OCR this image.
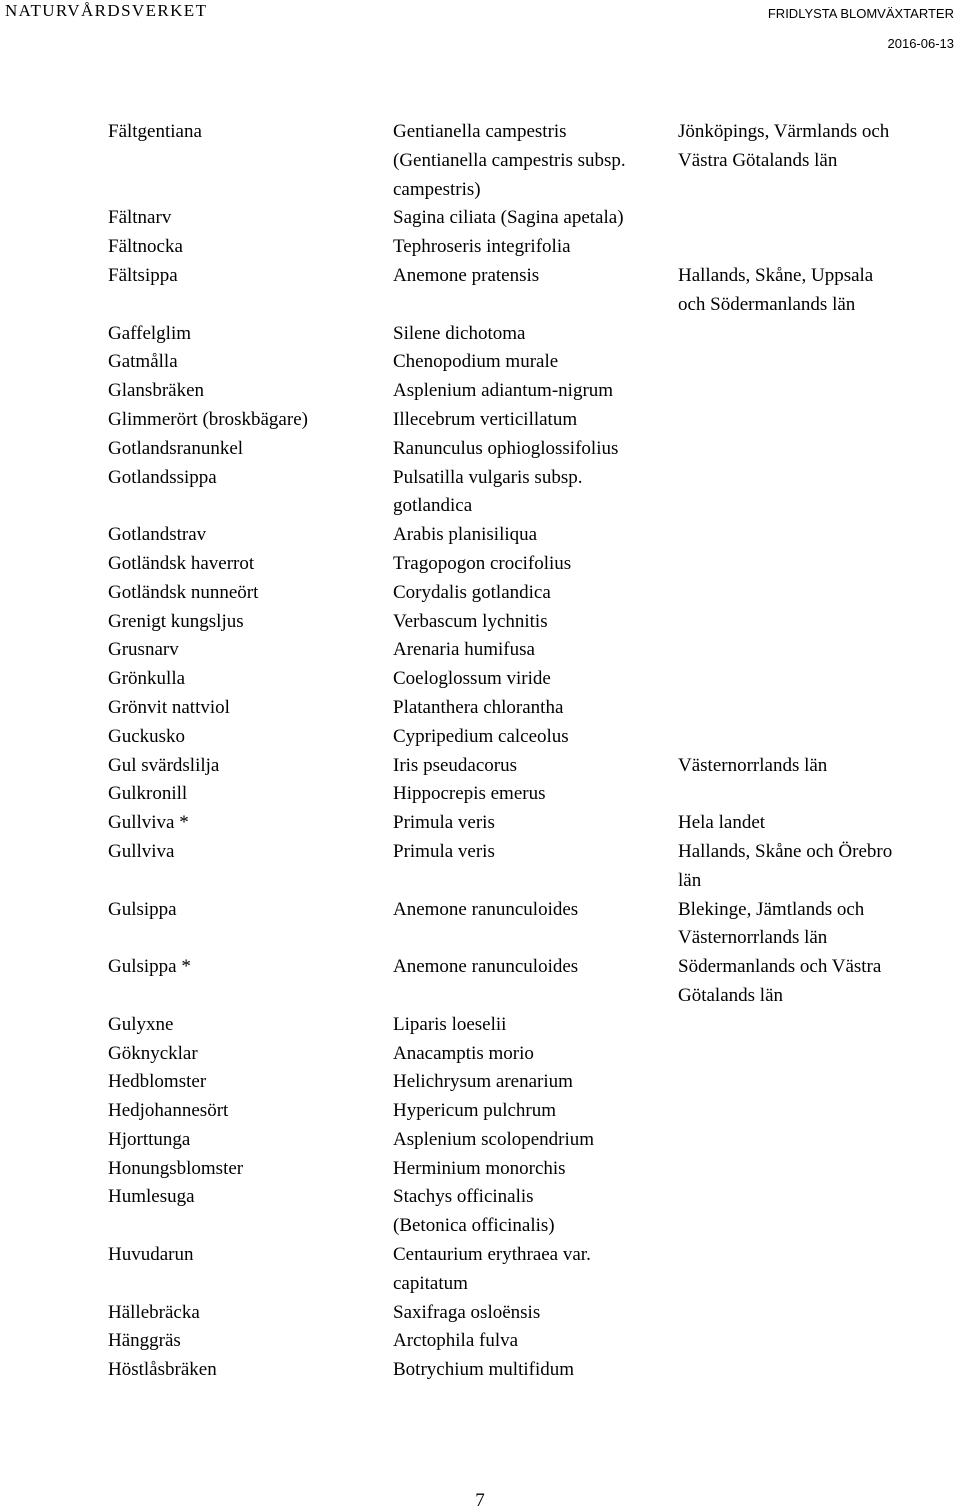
NATURVÅRDSVERKET	FRIDLYSTA BLOMVÄXTARTER
2016-06-13
Fältgentiana	Gentianella campestris	Jönköpings, Värmlands och
(Gentianella campestris subsp.	Västra Götalands län
campestris)
Fältnarv	Sagina ciliata (Sagina apetala)
Fältnocka	Tephroseris integrifolia
Fältsippa	Anemone pratensis	Hallands, Skåne, Uppsala
och Södermanlands län
Gaffelglim	Silene dichotoma
Gatmålla	Chenopodium murale
Glansbräken	Asplenium adiantum-nigrum
Glimmerört (broskbägare)	Illecebrum verticillatum
Gotlandsranunkel	Ranunculus ophioglossifolius
Gotlandssippa	Pulsatilla vulgaris subsp.
gotlandica
Gotlandstrav	Arabis planisiliqua
Gotländsk haverrot	Tragopogon crocifolius
Gotländsk nunneört	Corydalis gotlandica
Grenigt kungsljus	Verbascum lychnitis
Grusnarv	Arenaria humifusa
Grönkulla	Coeloglossum viride
Grönvit nattviol	Platanthera chlorantha
Guckusko	Cypripedium calceolus
Gul svärdslilja	Iris pseudacorus	Västernorrlands län
Gulkronill	Hippocrepis emerus
Gullviva *	Primula veris	Hela landet
Gullviva	Primula veris	Hallands, Skåne och Örebro
län
Gulsippa	Anemone ranunculoides	Blekinge, Jämtlands och
Västernorrlands län
Gulsippa *	Anemone ranunculoides	Södermanlands och Västra
Götalands län
Gulyxne	Liparis loeselii
Göknycklar	Anacamptis morio
Hedblomster	Helichrysum arenarium
Hedjohannesört	Hypericum pulchrum
Hjorttunga	Asplenium scolopendrium
Honungsblomster	Herminium monorchis
Humlesuga	Stachys officinalis
(Betonica officinalis)
Huvudarun	Centaurium erythraea var.
capitatum
Hällebräcka	Saxifraga osloënsis
Hänggräs	Arctophila fulva
Höstlåsbräken	Botrychium multifidum
7
